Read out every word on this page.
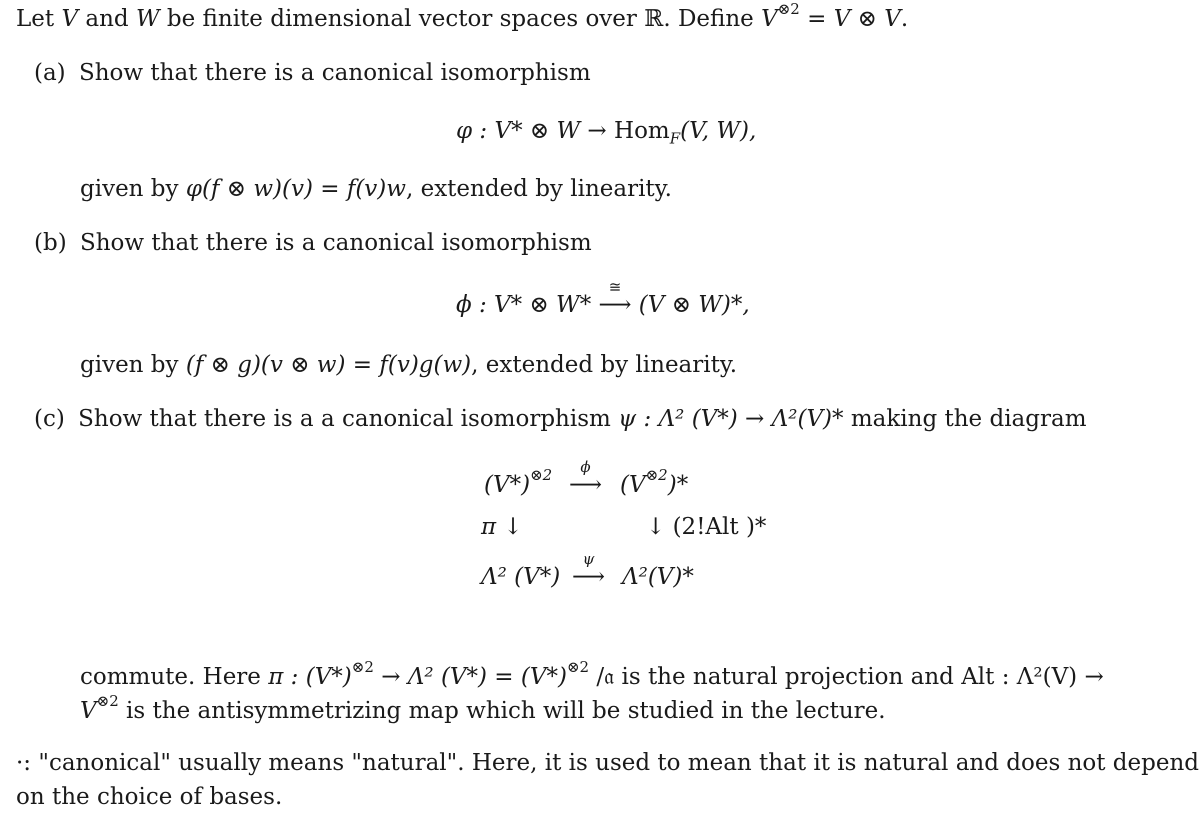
Let V and W be finite dimensional vector spaces over ℝ. Define $V^{\otimes 2} = V$ ⊗ V.
(a) Show that there is a canonical isomorphism
φ : V* ⊗ W → Hom$_F$(V, W),
given by φ(f ⊗ w)(v) = f(v)w, extended by linearity.
(b) Show that there is a canonical isomorphism
ϕ : V* ⊗ W*
≅
⟶ (V ⊗ W)*,
given by (f ⊗ g)(v ⊗ w) = f(v)g(w), extended by linearity.
(c) Show that there is a a canonical isomorphism ψ : Λ² (V*) → Λ²(V)* making the diagram
$(V*)^{\otimes 2}$	ϕ
⟶ $(V^{\otimes 2})*$
π ↓	↓ (2!Alt )*
Λ² (V*)
ψ
⟶ Λ²(V)*
commute. Here π : $(V*)^{\otimes 2} \to \Lambda^2$ $(V*) = (V*)^{\otimes 2}$ /𝔞 is the natural projection and Alt : Λ²(V) →
$V^{\otimes 2}$ is the antisymmetrizing map which will be studied in the lecture.
·: "canonical" usually means "natural". Here, it is used to mean that it is natural and does not depend
on the choice of bases.
